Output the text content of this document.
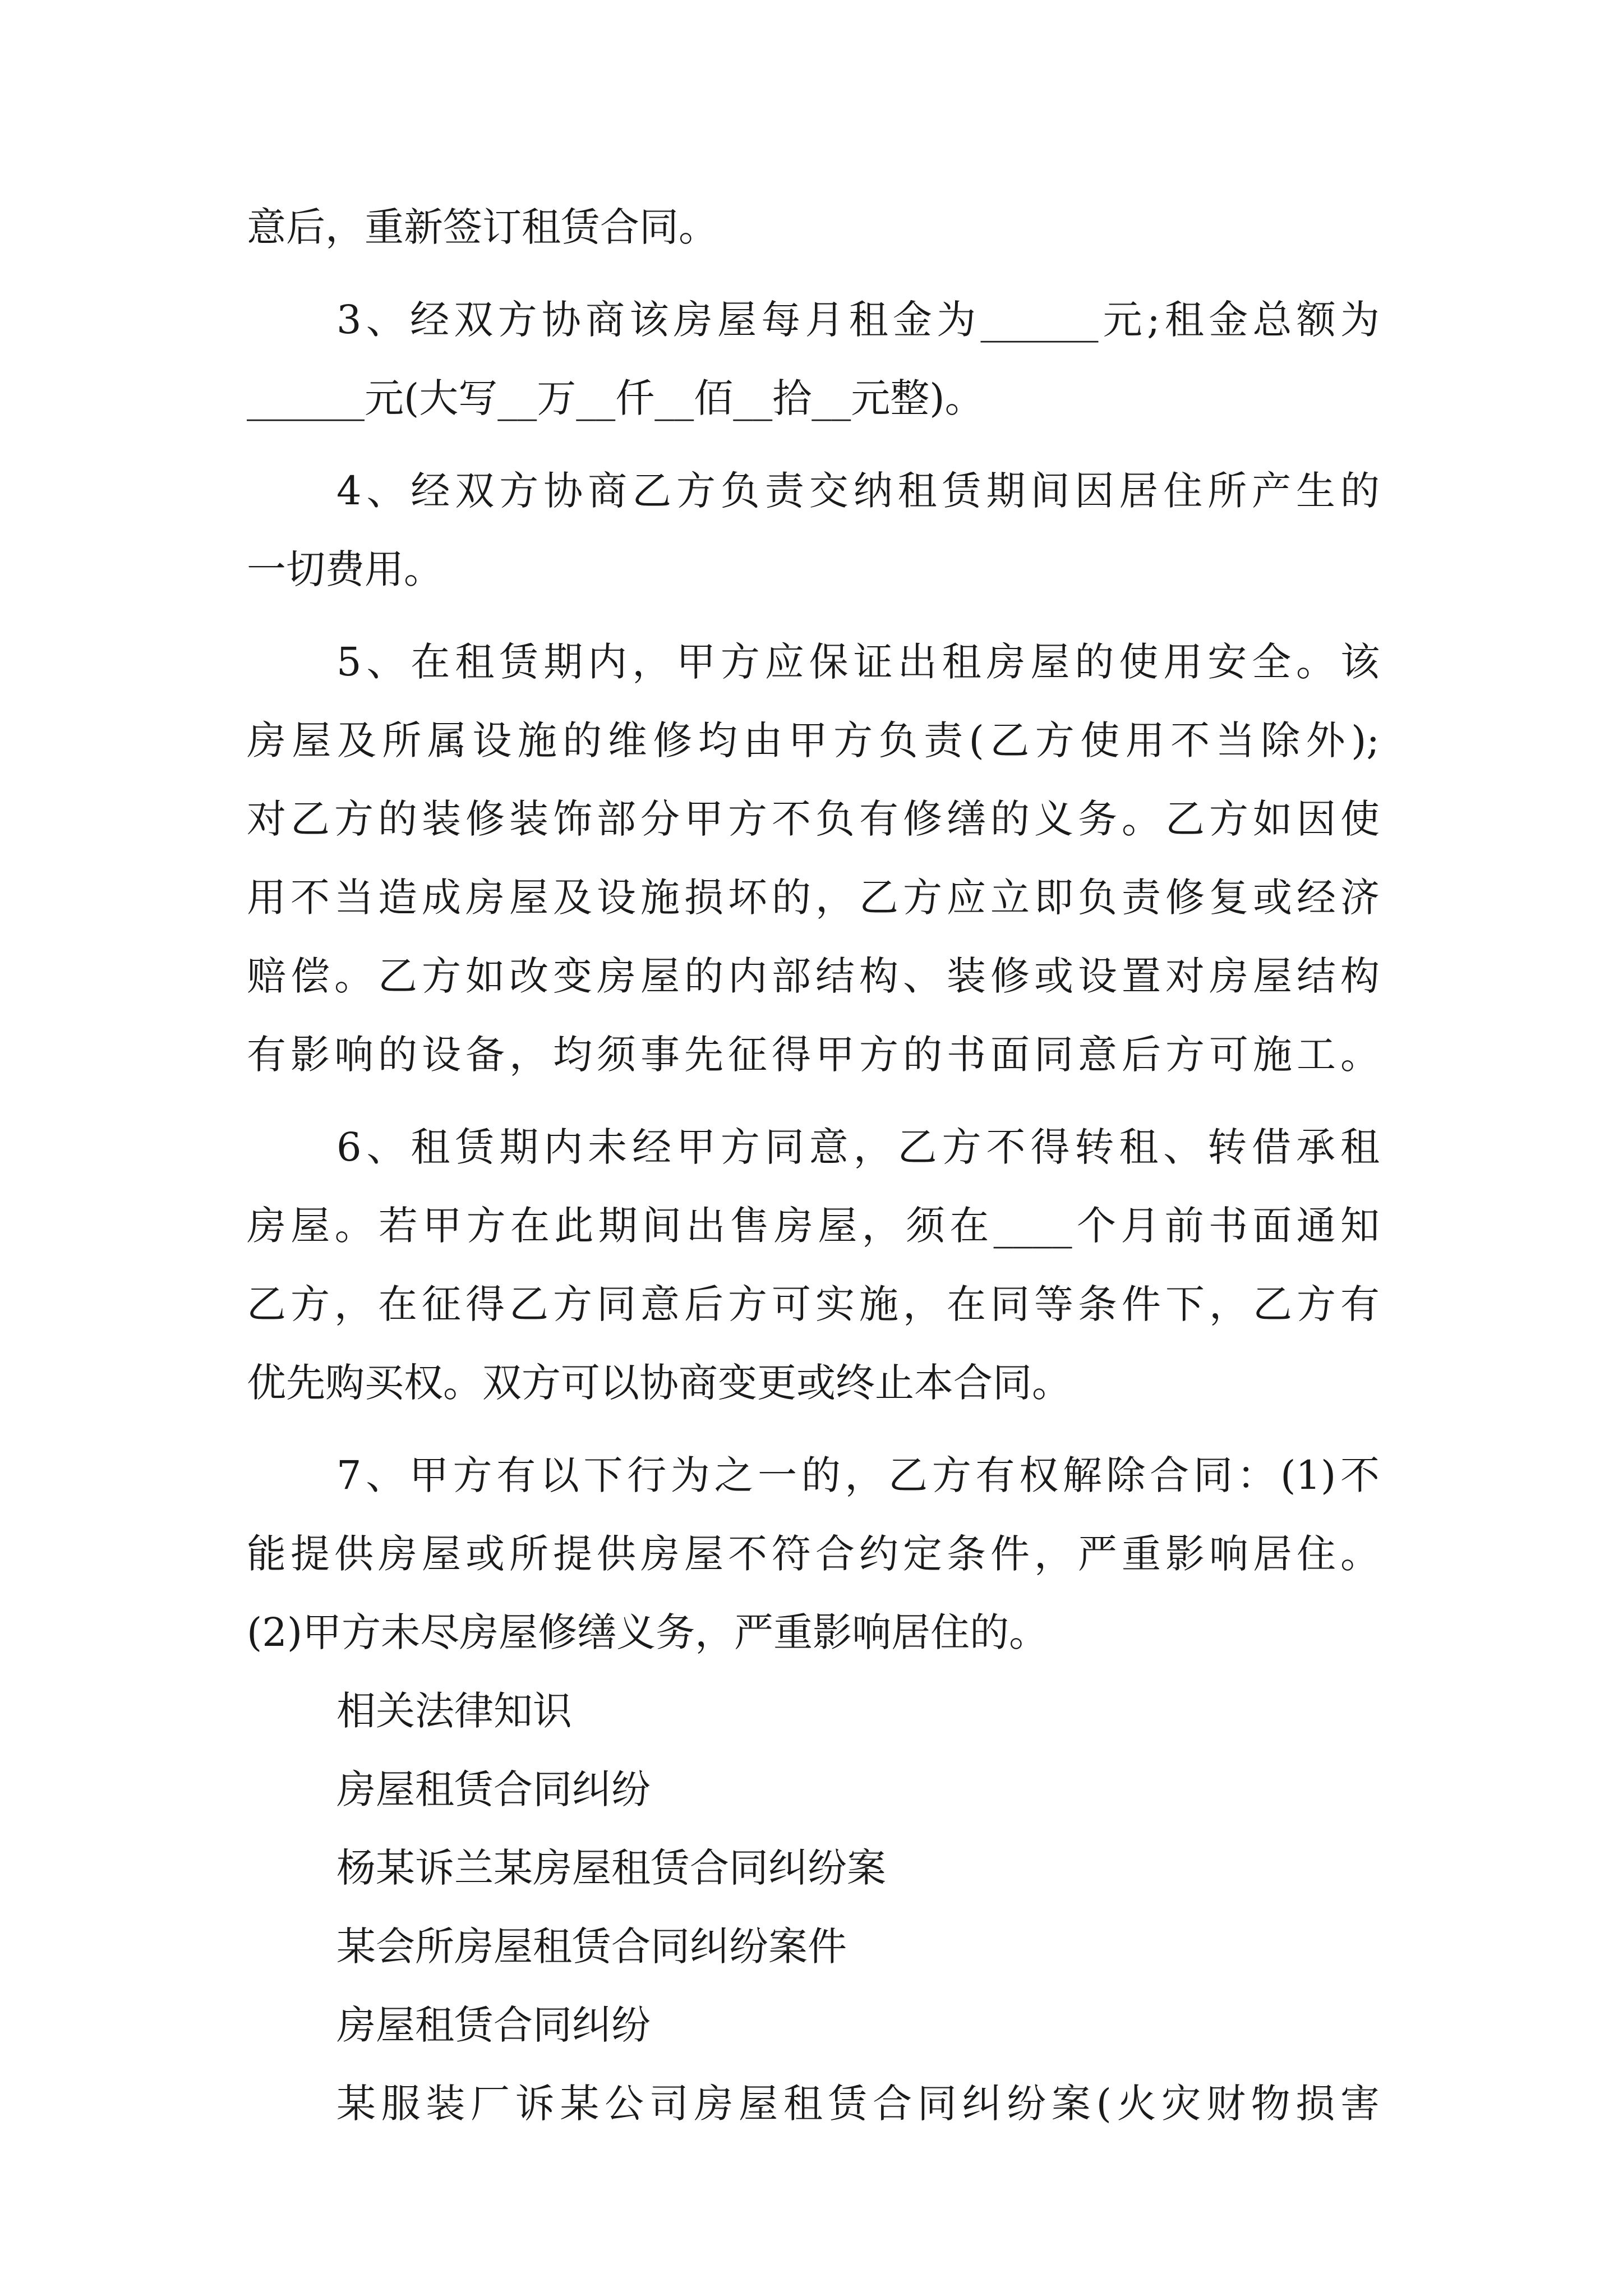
意后，重新签订租赁合同。

3、经双方协商该房屋每月租金为______元;租金总额为

______元(大写__万__仟__佰__拾__元整)。

4、经双方协商乙方负责交纳租赁期间因居住所产生的

一切费用。

5、在租赁期内，甲方应保证出租房屋的使用安全。该

房屋及所属设施的维修均由甲方负责(乙方使用不当除外);

对乙方的装修装饰部分甲方不负有修缮的义务。乙方如因使

用不当造成房屋及设施损坏的，乙方应立即负责修复或经济

赔偿。乙方如改变房屋的内部结构、装修或设置对房屋结构

有影响的设备，均须事先征得甲方的书面同意后方可施工。

6、租赁期内未经甲方同意，乙方不得转租、转借承租

房屋。若甲方在此期间出售房屋，须在____个月前书面通知

乙方，在征得乙方同意后方可实施，在同等条件下，乙方有

优先购买权。双方可以协商变更或终止本合同。

7、甲方有以下行为之一的，乙方有权解除合同：(1)不

能提供房屋或所提供房屋不符合约定条件，严重影响居住。

(2)甲方未尽房屋修缮义务，严重影响居住的。

相关法律知识

房屋租赁合同纠纷

杨某诉兰某房屋租赁合同纠纷案

某会所房屋租赁合同纠纷案件

房屋租赁合同纠纷

某服装厂诉某公司房屋租赁合同纠纷案(火灾财物损害
